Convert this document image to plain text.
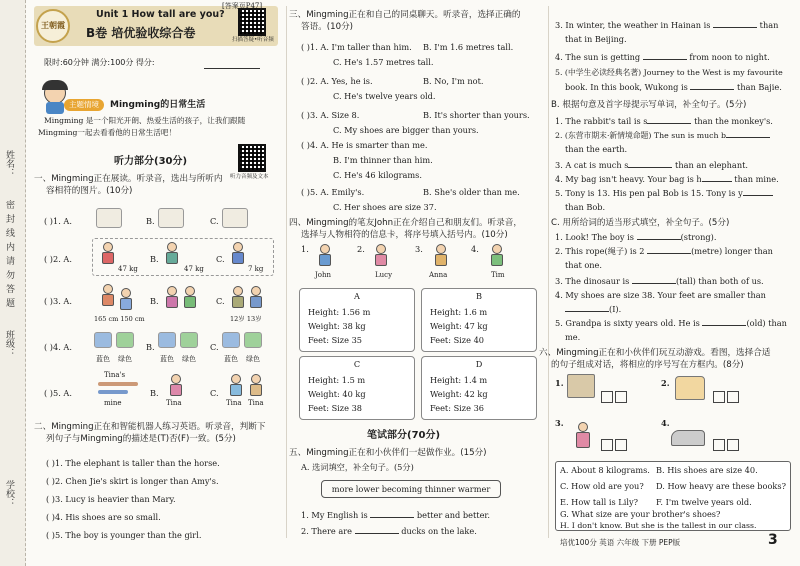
姓名：
密
封
线
内
请
勿
答
题
班级：
学校：
王朝霞
Unit 1 How tall are you?
B卷 培优验收综合卷	扫描答疑•听音频
[答案页P47]
限时:60分钟 满分:100分 得分:
主题情境	Mingming的日常生活
Mingming 是一个阳光开朗、热爱生活的孩子，让我们跟随
Mingming一起去看看他的日常生活吧！
听力音频及文本
听力部分(30分)
一、Mingming正在展读。听录音，选出与所听内
容相符的图片。(10分)
( )1. A.	B.	C.
( )2. A.
47 kg
B.
47 kg
C.
7 kg
( )3. A.
165 cm 150 cm
B.	C.
12岁 13岁
( )4. A.
蓝色 绿色
B.
蓝色 绿色
C.
蓝色 绿色
( )5. A.
Tina's
mine
B.
Tina
C.
Tina Tina
二、Mingming正在和智能机器人练习英语。听录音，判断下
列句子与Mingming的描述是(T)否(F)一致。(5分)
( )1. The elephant is taller than the horse.
( )2. Chen Jie's skirt is longer than Amy's.
( )3. Lucy is heavier than Mary.
( )4. His shoes are so small.
( )5. The boy is younger than the girl.
三、Mingming正在和自己的同桌聊天。听录音，选择正确的
答语。(10分)
( )1. A. I'm taller than him. B. I'm 1.6 metres tall.
C. He's 1.57 metres tall.
( )2. A. Yes, he is.	B. No, I'm not.
C. He's twelve years old.
( )3. A. Size 8.	B. It's shorter than yours.
C. My shoes are bigger than yours.
( )4. A. He is smarter than me.
B. I'm thinner than him.
C. He's 46 kilograms.
( )5. A. Emily's.	B. She's older than me.
C. Her shoes are size 37.
四、Mingming的笔友John正在介绍自己和朋友们。听录音，
选择与人物相符的信息卡，将序号填入括号内。(10分)
1.
John
2.
Lucy
3.
Anna
4.
Tim
A
Height: 1.56 m
Weight: 38 kg
Feet: Size 35
B
Height: 1.6 m
Weight: 47 kg
Feet: Size 40
C
Height: 1.5 m
Weight: 40 kg
Feet: Size 38
D
Height: 1.4 m
Weight: 42 kg
Feet: Size 36
笔试部分(70分)
五、Mingming正在和小伙伴们一起做作业。(15分)
A. 选词填空，补全句子。(5分)
more lower becoming thinner warmer
1. My English is	better and better.
2. There are	ducks on the lake.
3. In winter, the weather in Hainan is	than
that in Beijing.
4. The sun is getting	from noon to night.
5. (中学生必读经典名著) Journey to the West is my favourite
book. In this book, Wukong is	than Bajie.
B. 根据句意及首字母提示写单词，补全句子。(5分)
1. The rabbit's tail is s	than the monkey's.
2. (东营市期末·新情境命题) The sun is much b
than the earth.
3. A cat is much s	than an elephant.
4. My bag isn't heavy. Your bag is h	than mine.
5. Tony is 13. His pen pal Bob is 15. Tony is y
than Bob.
C. 用所给词的适当形式填空，补全句子。(5分)
1. Look! The boy is	(strong).
2. This rope(绳子) is 2	(metre) longer than
that one.
3. The dinosaur is	(tall) than both of us.
4. My shoes are size 38. Your feet are smaller than
(I).
5. Grandpa is sixty years old. He is	(old) than
me.
六、Mingming正在和小伙伴们玩互动游戏。看图，选择合适
的句子组成对话，将相应的序号写在方框内。(8分)
1.	2.
3.	4.
A. About 8 kilograms. B. His shoes are size 40.
C. How old are you? D. How heavy are these books?
E. How tall is Lily? F. I'm twelve years old.
G. What size are your brother's shoes?
H. I don't know. But she is the tallest in our class.
培优100分 英语 六年级 下册 PEP版	3
